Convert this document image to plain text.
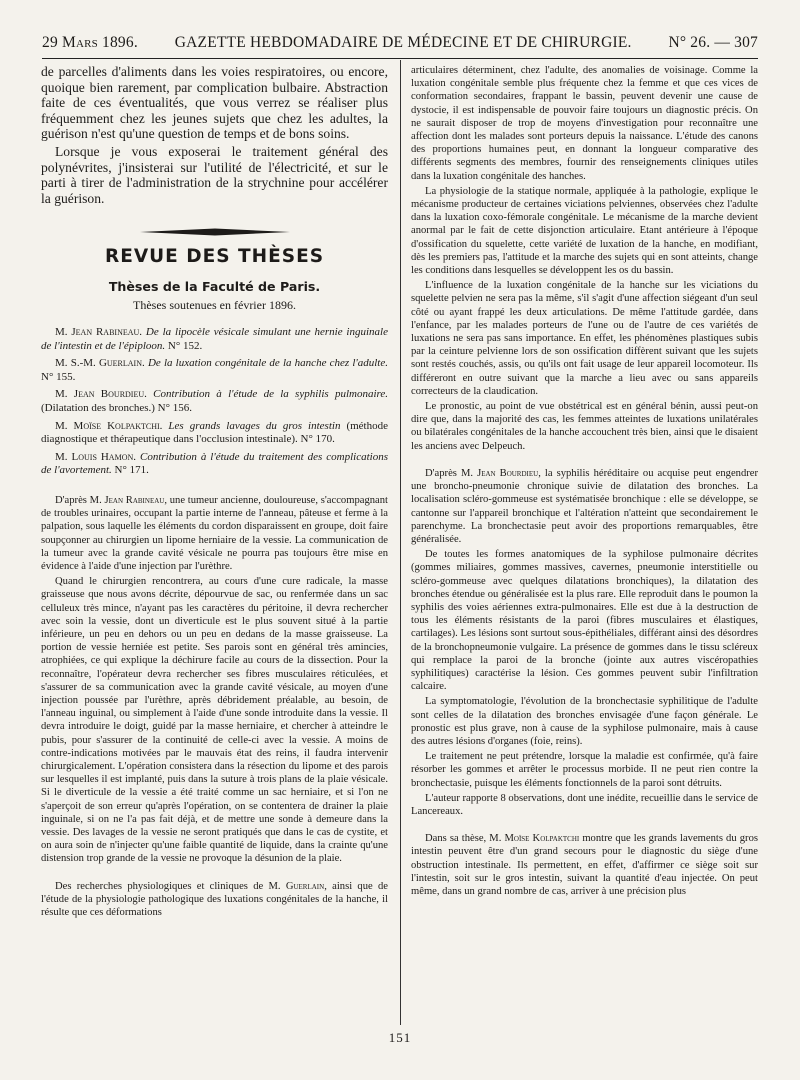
29 Mars 1896. GAZETTE HEBDOMADAIRE DE MÉDECINE ET DE CHIRURGIE. N° 26. — 307

de parcelles d'aliments dans les voies respiratoires, ou encore, quoique bien rarement, par complication bulbaire. Abstraction faite de ces éventualités, que vous verrez se réaliser plus fréquemment chez les jeunes sujets que chez les adultes, la guérison n'est qu'une question de temps et de bons soins.

Lorsque je vous exposerai le traitement général des polynévrites, j'insisterai sur l'utilité de l'électricité, et sur le parti à tirer de l'administration de la strychnine pour accélérer la guérison.

REVUE DES THÈSES
Thèses de la Faculté de Paris.
Thèses soutenues en février 1896.

M. Jean Rabineau. De la lipocèle vésicale simulant une hernie inguinale de l'intestin et de l'épiploon. N° 152.

M. S.-M. Guerlain. De la luxation congénitale de la hanche chez l'adulte. N° 155.

M. Jean Bourdieu. Contribution à l'étude de la syphilis pulmonaire. (Dilatation des bronches.) N° 156.

M. Moïse Kolpaktchi. Les grands lavages du gros intestin (méthode diagnostique et thérapeutique dans l'occlusion intestinale). N° 170.

M. Louis Hamon. Contribution à l'étude du traitement des complications de l'avortement. N° 171.

D'après M. Jean Rabineau, une tumeur ancienne, douloureuse, s'accompagnant de troubles urinaires, occupant la partie interne de l'anneau, pâteuse et ferme à la palpation, sous laquelle les éléments du cordon disparaissent en groupe, doit faire soupçonner au chirurgien un lipome herniaire de la vessie. La communication de la tumeur avec la grande cavité vésicale ne pourra pas toujours être mise en évidence à l'aide d'une injection par l'urèthre.

Quand le chirurgien rencontrera, au cours d'une cure radicale, la masse graisseuse que nous avons décrite, dépourvue de sac, ou renfermée dans un sac celluleux très mince, n'ayant pas les caractères du péritoine, il devra rechercher avec soin la vessie, dont un diverticule est le plus souvent situé à la partie inférieure, un peu en dehors ou un peu en dedans de la masse graisseuse. La portion de vessie herniée est petite. Ses parois sont en général très amincies, atrophiées, ce qui explique la déchirure facile au cours de la dissection. Pour la reconnaître, l'opérateur devra rechercher ses fibres musculaires réticulées, et s'assurer de sa communication avec la grande cavité vésicale, au moyen d'une injection poussée par l'urèthre, après débridement préalable, au besoin, de l'anneau inguinal, ou simplement à l'aide d'une sonde introduite dans la vessie. Il devra introduire le doigt, guidé par la masse herniaire, et chercher à atteindre le pubis, pour s'assurer de la continuité de celle-ci avec la vessie. A moins de contre-indications motivées par le mauvais état des reins, il faudra intervenir chirurgicalement. L'opération consistera dans la résection du lipome et des parois sur lesquelles il est implanté, puis dans la suture à trois plans de la plaie vésicale. Si le diverticule de la vessie a été traité comme un sac herniaire, et si l'on ne s'aperçoit de son erreur qu'après l'opération, on se contentera de drainer la plaie inguinale, si on ne l'a pas fait déjà, et de mettre une sonde à demeure dans la vessie. Des lavages de la vessie ne seront pratiqués que dans le cas de cystite, et on aura soin de n'injecter qu'une faible quantité de liquide, dans la crainte qu'une distension trop grande de la vessie ne provoque la désunion de la plaie.

Des recherches physiologiques et cliniques de M. Guerlain, ainsi que de l'étude de la physiologie pathologique des luxations congénitales de la hanche, il résulte que ces déformations

articulaires déterminent, chez l'adulte, des anomalies de voisinage. Comme la luxation congénitale semble plus fréquente chez la femme et que ces vices de conformation secondaires, frappant le bassin, peuvent devenir une cause de dystocie, il est indispensable de pouvoir faire toujours un diagnostic précis. On ne saurait disposer de trop de moyens d'investigation pour reconnaître une affection dont les malades sont porteurs depuis la naissance. L'étude des canons des proportions humaines peut, en donnant la longueur comparative des différents segments des membres, fournir des renseignements cliniques utiles dans la luxation congénitale des hanches.

La physiologie de la statique normale, appliquée à la pathologie, explique le mécanisme producteur de certaines viciations pelviennes, observées chez l'adulte dans la luxation coxo-fémorale congénitale. Le mécanisme de la marche devient anormal par le fait de cette disjonction articulaire. Etant antérieure à l'époque d'ossification du squelette, cette variété de luxation de la hanche, en modifiant, dès les premiers pas, l'attitude et la marche des sujets qui en sont atteints, change les conditions dans lesquelles se développent les os du bassin.

L'influence de la luxation congénitale de la hanche sur les viciations du squelette pelvien ne sera pas la même, s'il s'agit d'une affection siégeant d'un seul côté ou ayant frappé les deux articulations. De même l'attitude gardée, dans l'enfance, par les malades porteurs de l'une ou de l'autre de ces variétés de luxations ne sera pas sans importance. En effet, les phénomènes plastiques subis par la ceinture pelvienne lors de son ossification diffèrent suivant que les sujets sont restés couchés, assis, ou qu'ils ont fait usage de leur appareil locomoteur. Ils différeront en outre suivant que la marche a lieu avec ou sans appareils correcteurs de la claudication.

Le pronostic, au point de vue obstétrical est en général bénin, aussi peut-on dire que, dans la majorité des cas, les femmes atteintes de luxations unilatérales ou bilatérales congénitales de la hanche accouchent très bien, ainsi que le disaient les anciens avec Delpeuch.

D'après M. Jean Bourdieu, la syphilis héréditaire ou acquise peut engendrer une broncho-pneumonie chronique suivie de dilatation des bronches. La localisation scléro-gommeuse est systématisée bronchique : elle se développe, se cantonne sur l'appareil bronchique et l'altération n'atteint que secondairement le parenchyme. La bronchectasie peut avoir des proportions remarquables, être généralisée.

De toutes les formes anatomiques de la syphilose pulmonaire décrites (gommes miliaires, gommes massives, cavernes, pneumonie interstitielle ou scléro-gommeuse avec quelques dilatations bronchiques), la dilatation des bronches étendue ou généralisée est la plus rare. Elle reproduit dans le poumon la syphilis des voies aériennes extra-pulmonaires. Elle est due à la destruction de tous les éléments résistants de la paroi (fibres musculaires et élastiques, cartilages). Les lésions sont surtout sous-épithéliales, différant ainsi des désordres de la bronchopneumonie vulgaire. La présence de gommes dans le tissu scléreux qui remplace la paroi de la bronche (jointe aux autres viscéropathies syphilitiques) caractérise la lésion. Ces gommes peuvent subir l'infiltration calcaire.

La symptomatologie, l'évolution de la bronchectasie syphilitique de l'adulte sont celles de la dilatation des bronches envisagée d'une façon générale. Le pronostic est plus grave, non à cause de la syphilose pulmonaire, mais à cause des autres lésions d'organes (foie, reins).

Le traitement ne peut prétendre, lorsque la maladie est confirmée, qu'à faire résorber les gommes et arrêter le processus morbide. Il ne peut rien contre la bronchectasie, puisque les éléments fonctionnels de la paroi sont détruits.

L'auteur rapporte 8 observations, dont une inédite, recueillie dans le service de Lancereaux.

Dans sa thèse, M. Moïse Kolpaktchi montre que les grands lavements du gros intestin peuvent être d'un grand secours pour le diagnostic du siège d'une obstruction intestinale. Ils permettent, en effet, d'affirmer ce siège soit sur l'intestin, soit sur le gros intestin, suivant la quantité d'eau injectée. On peut même, dans un grand nombre de cas, arriver à une précision plus

151
